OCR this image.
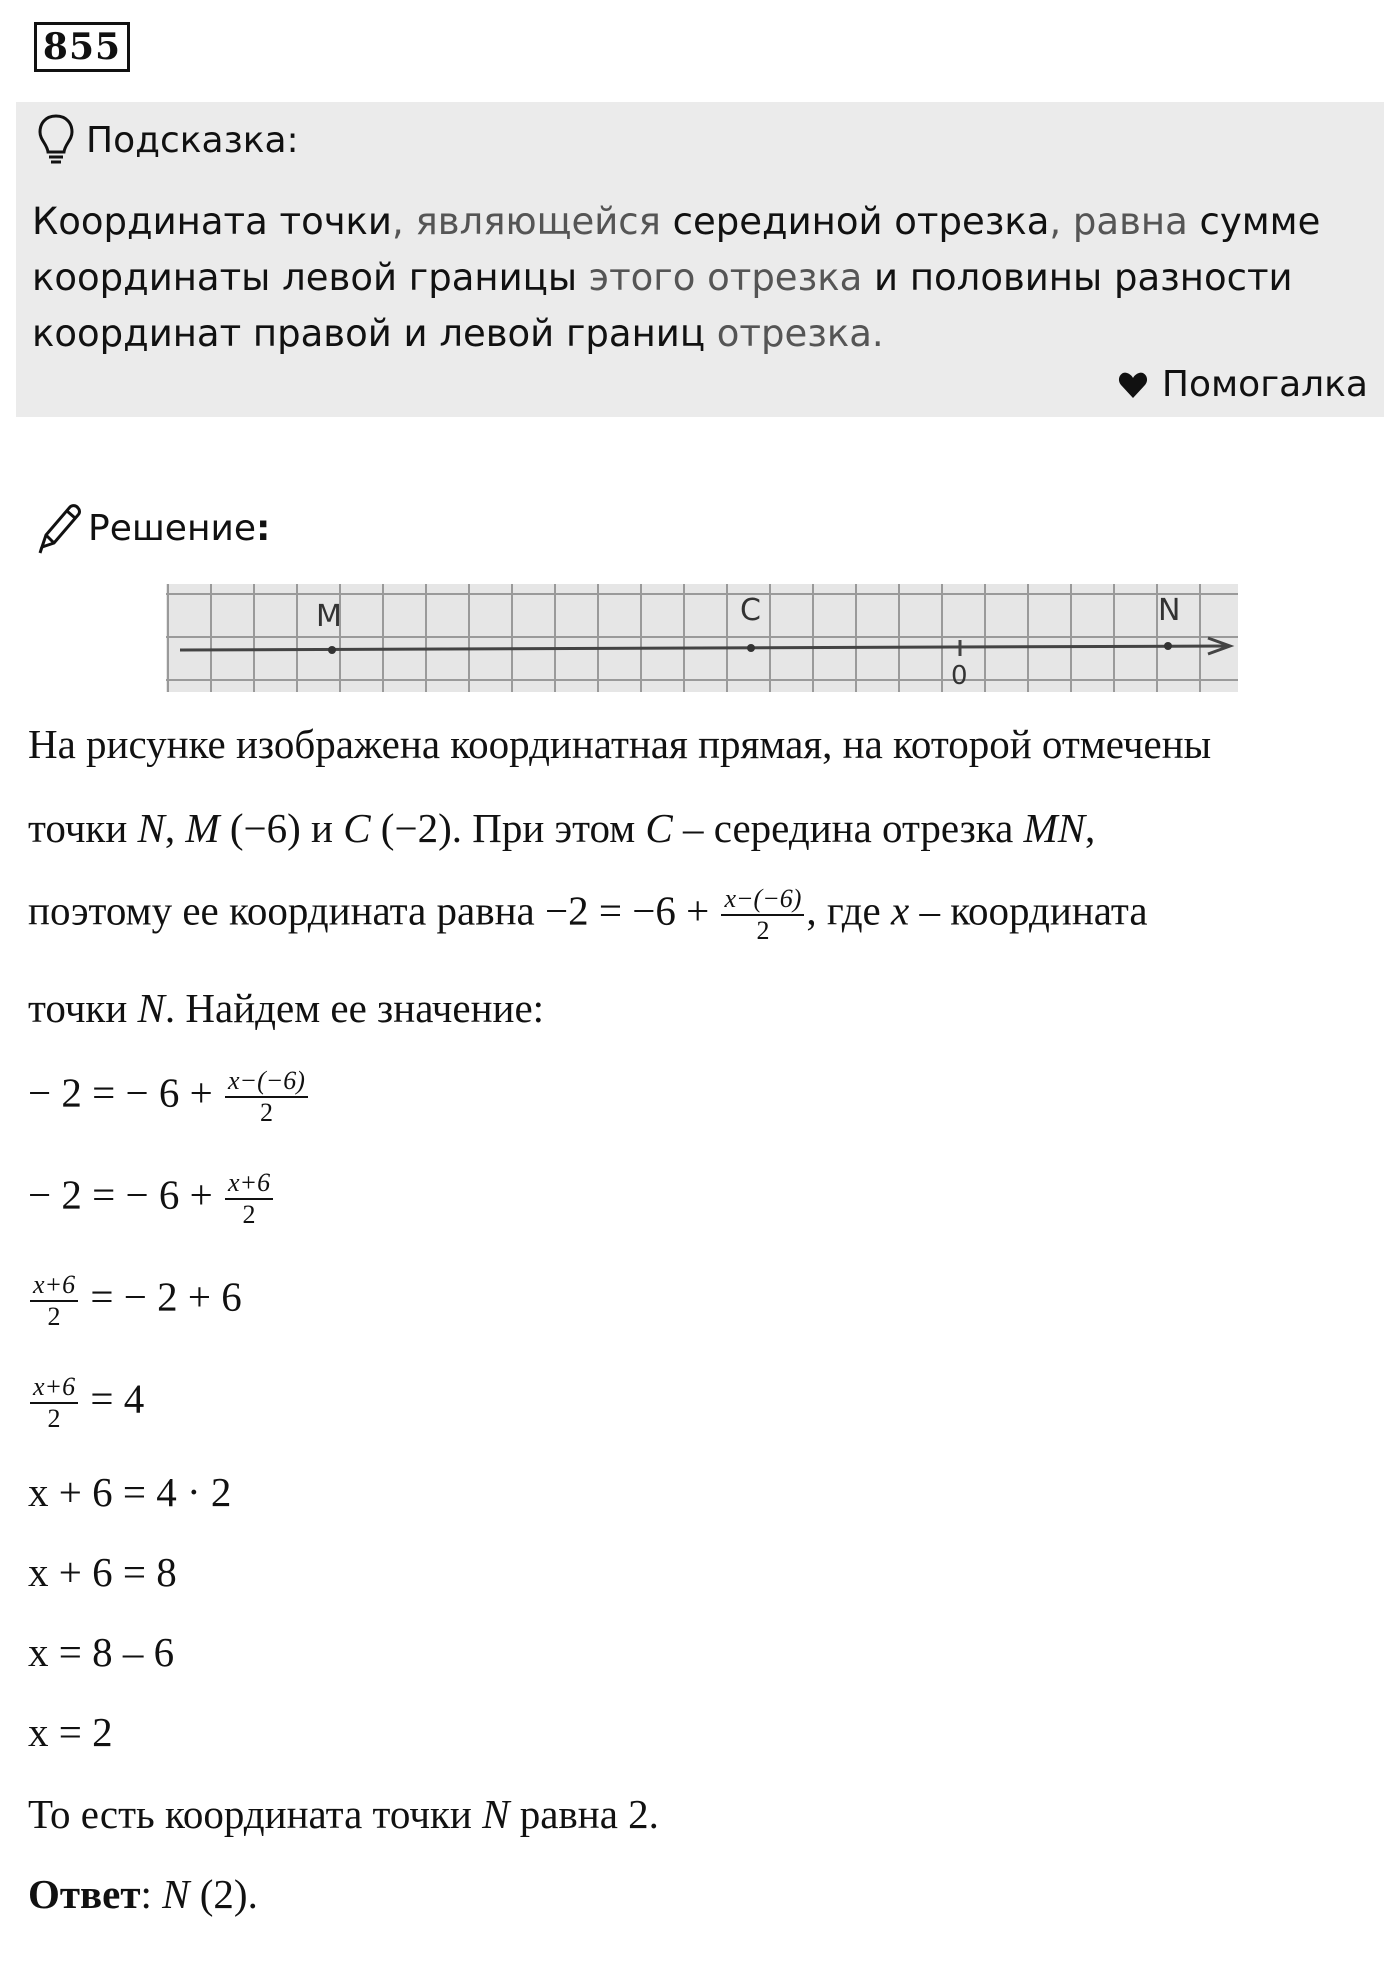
855
Подсказка:
Координата точки, являющейся серединой отрезка, равна сумме
координаты левой границы этого отрезка и половины разности
координат правой и левой границ отрезка.
Помогалка
Решение :
M	C	N
0
На рисунке изображена координатная прямая, на которой отмечены
точки N, M (−6) и C (−2). При этом C – середина отрезка MN,
поэтому ее координата равна $-2 = -6 + \frac{x-(-6)}{2}$ , где x – координата
точки N. Найдем ее значение:
− 2 = − $6 + \frac{x-(-6)}{2}$
− 2 = − $6 + \frac{x+6}{2}$
$\frac{x+6}{2}$ = − 2 + 6
$\frac{x+6}{2} = 4$
x + 6 = 4 · 2
x + 6 = 8
x = 8 – 6
x = 2
То есть координата точки N равна 2.
Ответ: N (2).
